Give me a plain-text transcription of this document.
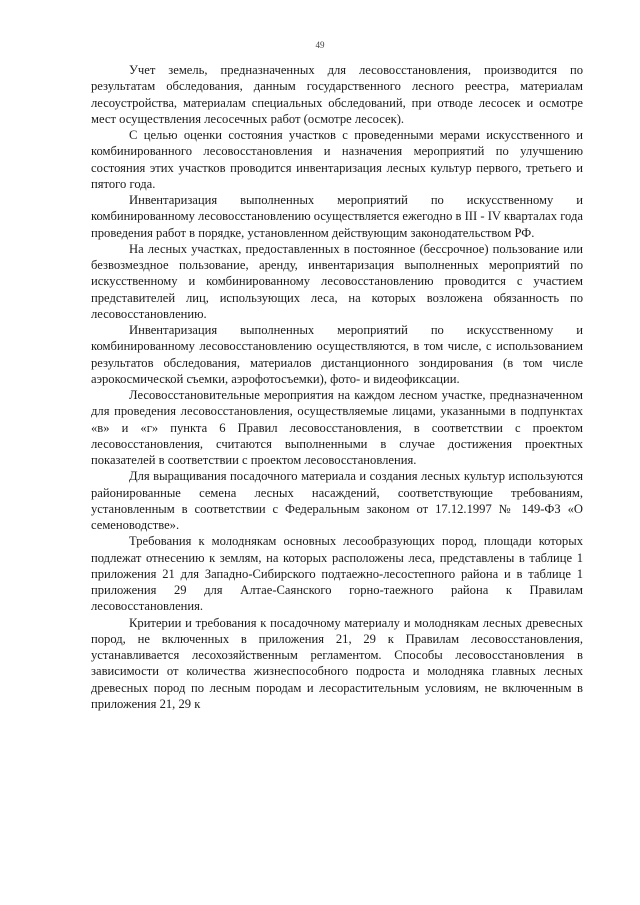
49

Учет земель, предназначенных для лесовосстановления, производится по результатам обследования, данным государственного лесного реестра, материалам лесоустройства, материалам специальных обследований, при отводе лесосек и осмотре мест осуществления лесосечных работ (осмотре лесосек).

С целью оценки состояния участков с проведенными мерами искусственного и комбинированного лесовосстановления и назначения мероприятий по улучшению состояния этих участков проводится инвентаризация лесных культур первого, третьего и пятого года.

Инвентаризация выполненных мероприятий по искусственному и комбинированному лесовосстановлению осуществляется ежегодно в III - IV кварталах года проведения работ в порядке, установленном действующим законодательством РФ.

На лесных участках, предоставленных в постоянное (бессрочное) пользование или безвозмездное пользование, аренду, инвентаризация выполненных мероприятий по искусственному и комбинированному лесовосстановлению проводится с участием представителей лиц, использующих леса, на которых возложена обязанность по лесовосстановлению.

Инвентаризация выполненных мероприятий по искусственному и комбинированному лесовосстановлению осуществляются, в том числе, с использованием результатов обследования, материалов дистанционного зондирования (в том числе аэрокосмической съемки, аэрофотосъемки), фото- и видеофиксации.

Лесовосстановительные мероприятия на каждом лесном участке, предназначенном для проведения лесовосстановления, осуществляемые лицами, указанными в подпунктах «в» и «г» пункта 6 Правил лесовосстановления, в соответствии с проектом лесовосстановления, считаются выполненными в случае достижения проектных показателей в соответствии с проектом лесовосстановления.

Для выращивания посадочного материала и создания лесных культур используются районированные семена лесных насаждений, соответствующие требованиям, установленным в соответствии с Федеральным законом от 17.12.1997 № 149-ФЗ «О семеноводстве».

Требования к молоднякам основных лесообразующих пород, площади которых подлежат отнесению к землям, на которых расположены леса, представлены в таблице 1 приложения 21 для Западно-Сибирского подтаежно-лесостепного района и в таблице 1 приложения 29 для Алтае-Саянского горно-таежного района к Правилам лесовосстановления.

Критерии и требования к посадочному материалу и молоднякам лесных древесных пород, не включенных в приложения 21, 29 к Правилам лесовосстановления, устанавливается лесохозяйственным регламентом. Способы лесовосстановления в зависимости от количества жизнеспособного подроста и молодняка главных лесных древесных пород по лесным породам и лесорастительным условиям, не включенным в приложения 21, 29 к
